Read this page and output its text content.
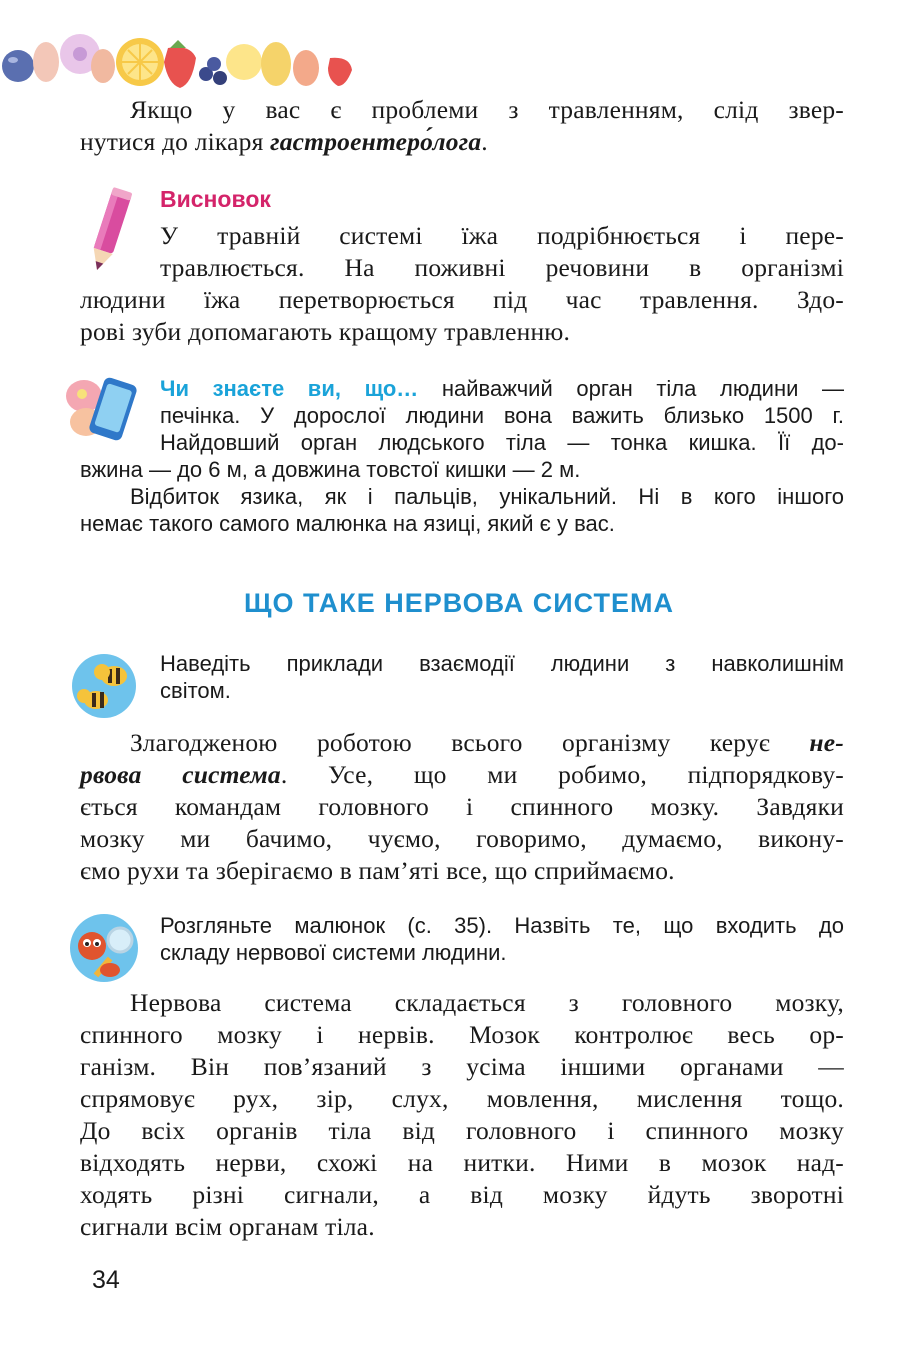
Якщо у вас є проблеми з травленням, слід звер-
нутися до лікаря гастроентеро́лога.
Висновок
У травній системі їжа подрібнюється і пере-
травлюється. На поживні речовини в організмі
людини їжа перетворюється під час травлення. Здо-
рові зуби допомагають кращому травленню.
Чи знаєте ви, що… найважчий орган тіла людини —
печінка. У дорослої людини вона важить близько 1500 г.
Найдовший орган людського тіла — тонка кишка. Її до-
вжина — до 6 м, а довжина товстої кишки — 2 м.
Відбиток язика, як і пальців, унікальний. Ні в кого іншого
немає такого самого малюнка на язиці, який є у вас.
ЩО ТАКЕ НЕРВОВА СИСТЕМА
Наведіть приклади взаємодії людини з навколишнім
світом.
Злагодженою роботою всього організму керує не-
рвова система. Усе, що ми робимо, підпорядкову-
ється командам головного і спинного мозку. Завдяки
мозку ми бачимо, чуємо, говоримо, думаємо, викону-
ємо рухи та зберігаємо в пам’яті все, що сприймаємо.
Розгляньте малюнок (с. 35). Назвіть те, що входить до
складу нервової системи людини.
Нервова система складається з головного мозку,
спинного мозку і нервів. Мозок контролює весь ор-
ганізм. Він пов’язаний з усіма іншими органами —
спрямовує рух, зір, слух, мовлення, мислення тощо.
До всіх органів тіла від головного і спинного мозку
відходять нерви, схожі на нитки. Ними в мозок над-
ходять різні сигнали, а від мозку йдуть зворотні
сигнали всім органам тіла.
34
